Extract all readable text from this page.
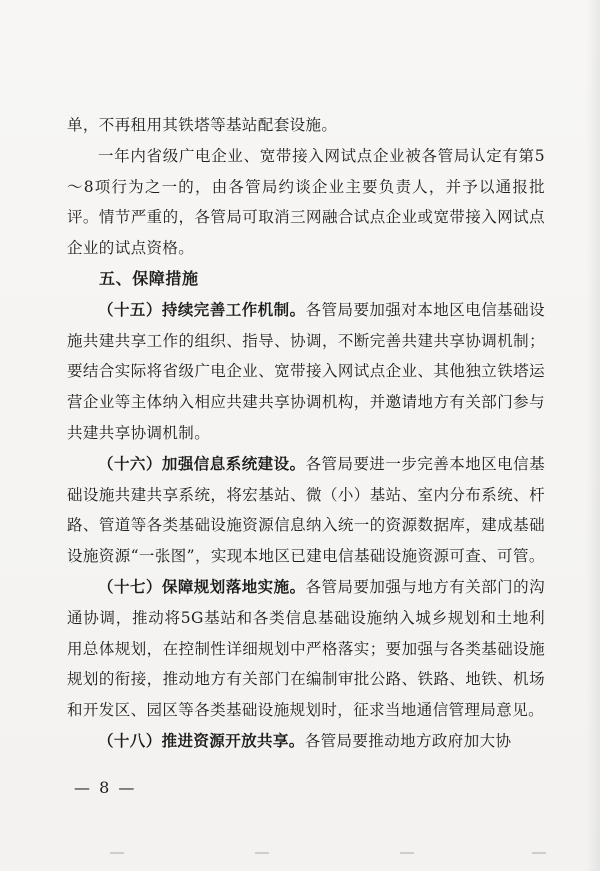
单，不再租用其铁塔等基站配套设施。

一年内省级广电企业、宽带接入网试点企业被各管局认定有第5～8项行为之一的，由各管局约谈企业主要负责人，并予以通报批评。情节严重的，各管局可取消三网融合试点企业或宽带接入网试点企业的试点资格。

五、保障措施

（十五）持续完善工作机制。各管局要加强对本地区电信基础设施共建共享工作的组织、指导、协调，不断完善共建共享协调机制；要结合实际将省级广电企业、宽带接入网试点企业、其他独立铁塔运营企业等主体纳入相应共建共享协调机构，并邀请地方有关部门参与共建共享协调机制。

（十六）加强信息系统建设。各管局要进一步完善本地区电信基础设施共建共享系统，将宏基站、微（小）基站、室内分布系统、杆路、管道等各类基础设施资源信息纳入统一的资源数据库，建成基础设施资源“一张图”，实现本地区已建电信基础设施资源可查、可管。

（十七）保障规划落地实施。各管局要加强与地方有关部门的沟通协调，推动将5G基站和各类信息基础设施纳入城乡规划和土地利用总体规划，在控制性详细规划中严格落实；要加强与各类基础设施规划的衔接，推动地方有关部门在编制审批公路、铁路、地铁、机场和开发区、园区等各类基础设施规划时，征求当地通信管理局意见。

（十八）推进资源开放共享。各管局要推动地方政府加大协

— 8 —
